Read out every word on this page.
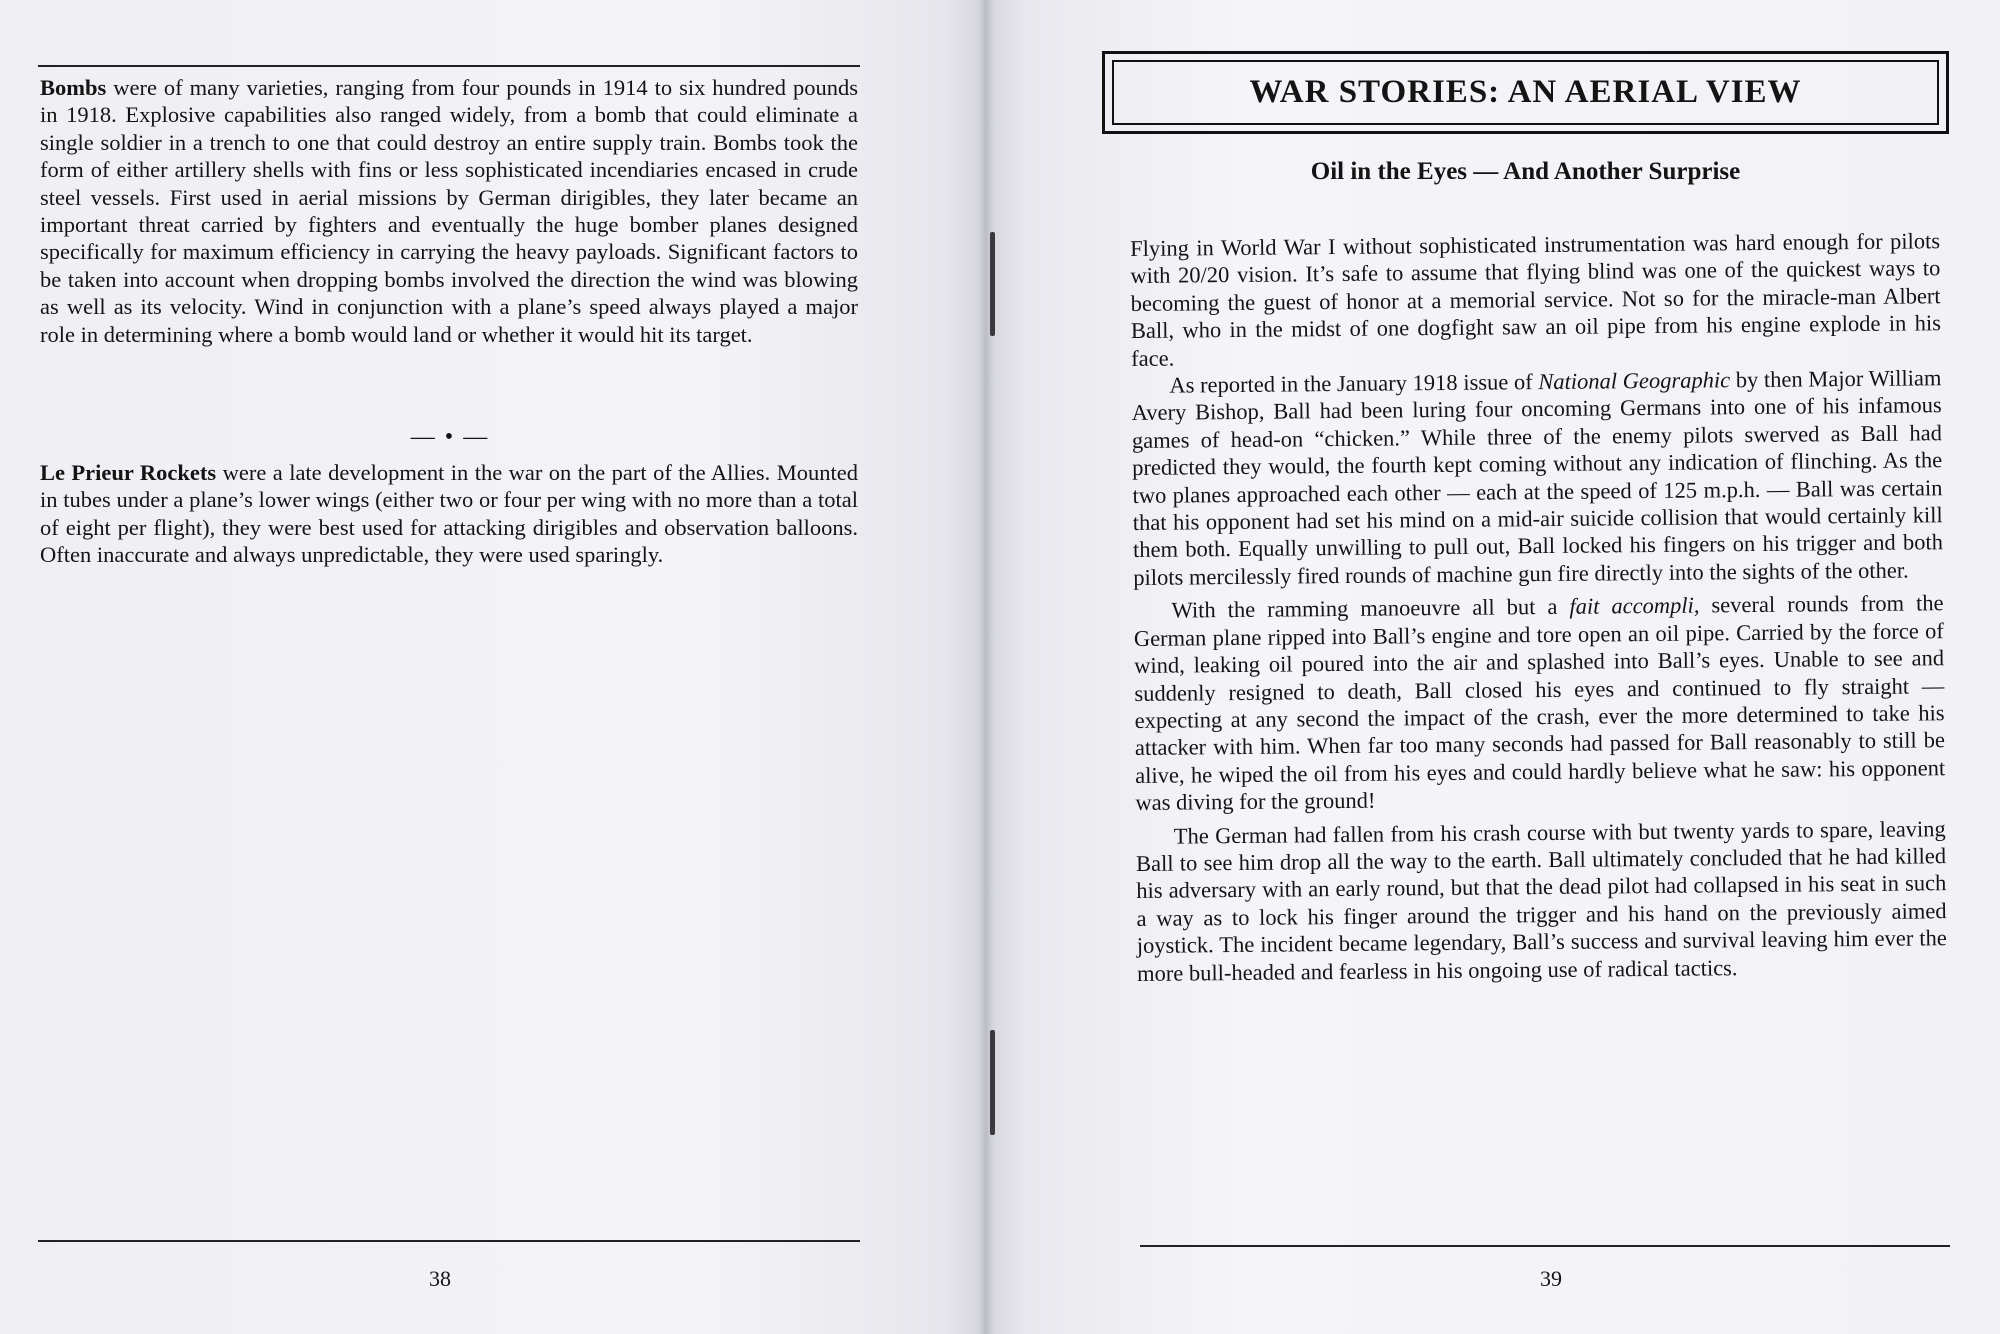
Bombs were of many varieties, ranging from four pounds in 1914 to six hundred pounds in 1918. Explosive capabilities also ranged widely, from a bomb that could eliminate a single soldier in a trench to one that could destroy an entire supply train. Bombs took the form of either artillery shells with fins or less sophisticated incendiaries encased in crude steel vessels. First used in aerial missions by German dirigibles, they later became an important threat carried by fighters and eventually the huge bomber planes designed specifically for maximum efficiency in carrying the heavy payloads. Significant factors to be taken into account when dropping bombs involved the direction the wind was blowing as well as its velocity. Wind in conjunction with a plane’s speed always played a major role in determining where a bomb would land or whether it would hit its target.

— • —

Le Prieur Rockets were a late development in the war on the part of the Allies. Mounted in tubes under a plane’s lower wings (either two or four per wing with no more than a total of eight per flight), they were best used for attacking dirigibles and observation balloons. Often inaccurate and always unpredictable, they were used sparingly.

38
WAR STORIES: AN AERIAL VIEW
Oil in the Eyes — And Another Surprise

Flying in World War I without sophisticated instrumentation was hard enough for pilots with 20/20 vision. It’s safe to assume that flying blind was one of the quickest ways to becoming the guest of honor at a memorial service. Not so for the miracle-man Albert Ball, who in the midst of one dogfight saw an oil pipe from his engine explode in his face.

As reported in the January 1918 issue of National Geographic by then Major William Avery Bishop, Ball had been luring four oncoming Germans into one of his infamous games of head-on “chicken.” While three of the enemy pilots swerved as Ball had predicted they would, the fourth kept coming without any indication of flinching. As the two planes approached each other — each at the speed of 125 m.p.h. — Ball was certain that his opponent had set his mind on a mid-air suicide collision that would certainly kill them both. Equally unwilling to pull out, Ball locked his fingers on his trigger and both pilots mercilessly fired rounds of machine gun fire directly into the sights of the other.

With the ramming manoeuvre all but a fait accompli, several rounds from the German plane ripped into Ball’s engine and tore open an oil pipe. Carried by the force of wind, leaking oil poured into the air and splashed into Ball’s eyes. Unable to see and suddenly resigned to death, Ball closed his eyes and continued to fly straight — expecting at any second the impact of the crash, ever the more determined to take his attacker with him. When far too many seconds had passed for Ball reasonably to still be alive, he wiped the oil from his eyes and could hardly believe what he saw: his opponent was diving for the ground!

The German had fallen from his crash course with but twenty yards to spare, leaving Ball to see him drop all the way to the earth. Ball ultimately concluded that he had killed his adversary with an early round, but that the dead pilot had collapsed in his seat in such a way as to lock his finger around the trigger and his hand on the previously aimed joystick. The incident became legendary, Ball’s success and survival leaving him ever the more bull-headed and fearless in his ongoing use of radical tactics.

39
